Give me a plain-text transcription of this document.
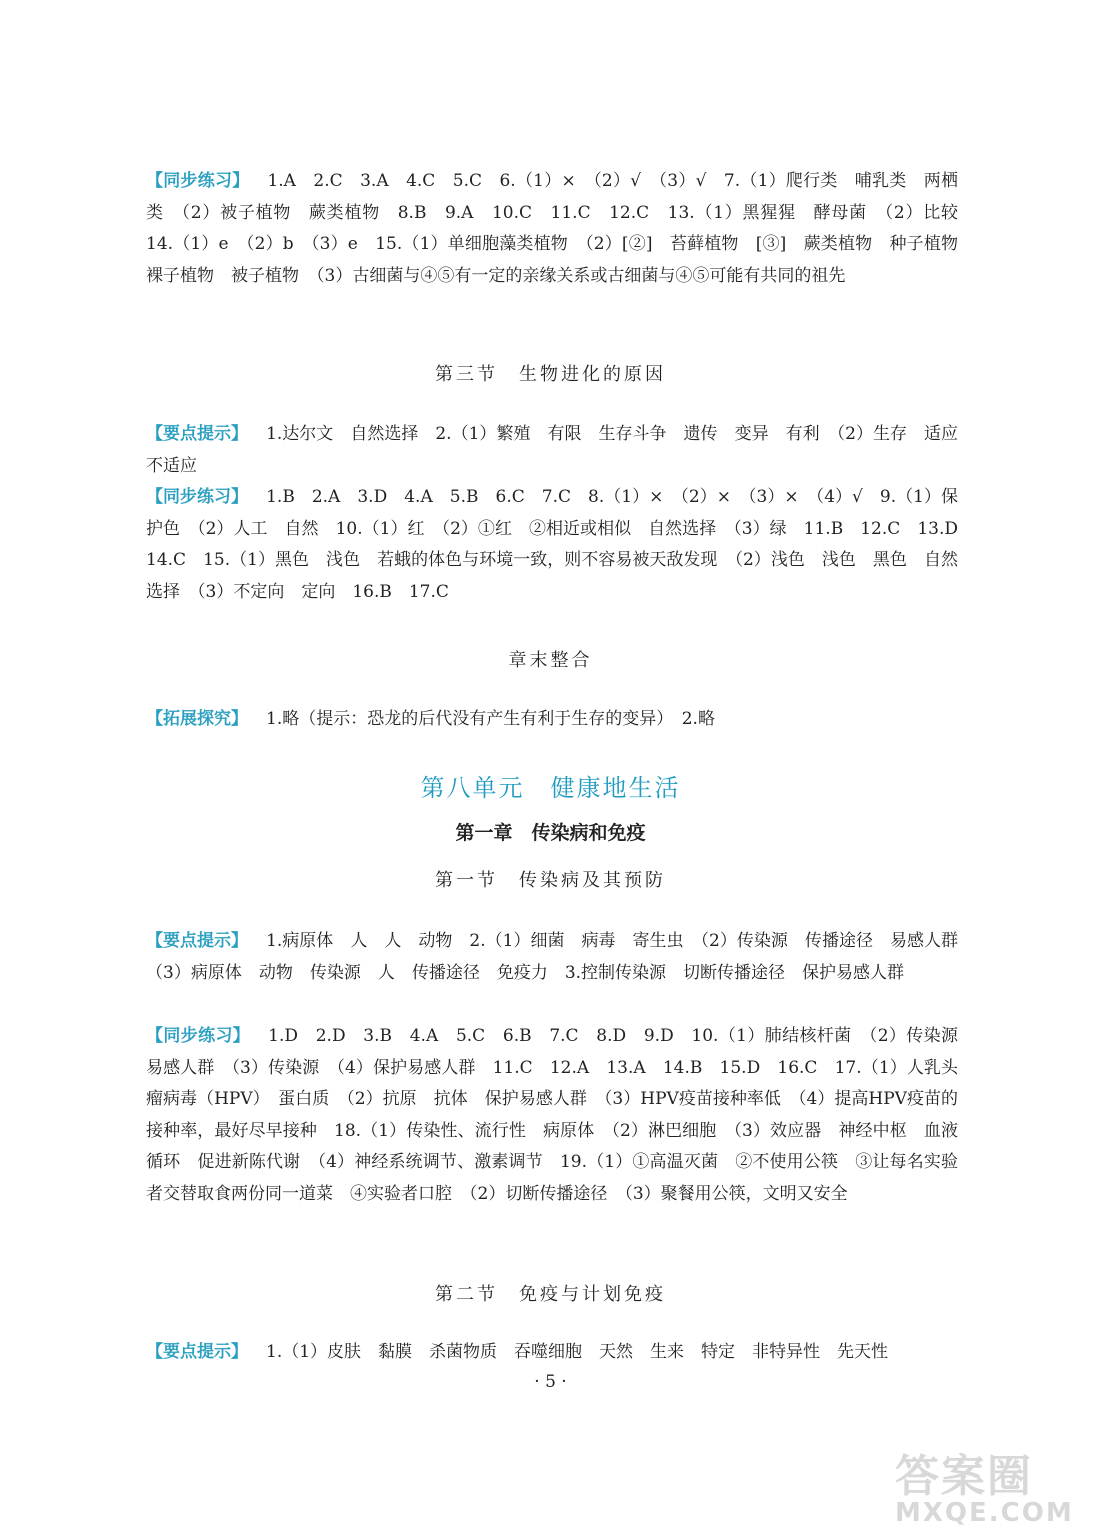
【同步练习】 1.A　2.C　3.A　4.C　5.C　6.（1）×　（2）√　（3）√　7.（1）爬行类　哺乳类　两栖类　（2）被子植物　蕨类植物　8.B　9.A　10.C　11.C　12.C　13.（1）黑猩猩　酵母菌　（2）比较　14.（1）e　（2）b　（3）e　15.（1）单细胞藻类植物　（2）[②]　苔藓植物　[③]　蕨类植物　种子植物　裸子植物　被子植物　（3）古细菌与④⑤有一定的亲缘关系或古细菌与④⑤可能有共同的祖先
第三节　生物进化的原因
【要点提示】 1.达尔文　自然选择　2.（1）繁殖　有限　生存斗争　遗传　变异　有利　（2）生存　适应　不适应
【同步练习】 1.B　2.A　3.D　4.A　5.B　6.C　7.C　8.（1）×　（2）×　（3）×　（4）√　9.（1）保护色　（2）人工　自然　10.（1）红　（2）①红　②相近或相似　自然选择　（3）绿　11.B　12.C　13.D　14.C　15.（1）黑色　浅色　若蛾的体色与环境一致，则不容易被天敌发现　（2）浅色　浅色　黑色　自然选择　（3）不定向　定向　16.B　17.C
章末整合
【拓展探究】 1.略（提示：恐龙的后代没有产生有利于生存的变异）　2.略
第八单元　健康地生活
第一章　传染病和免疫
第一节　传染病及其预防
【要点提示】 1.病原体　人　人　动物　2.（1）细菌　病毒　寄生虫　（2）传染源　传播途径　易感人群　（3）病原体　动物　传染源　人　传播途径　免疫力　3.控制传染源　切断传播途径　保护易感人群
【同步练习】 1.D　2.D　3.B　4.A　5.C　6.B　7.C　8.D　9.D　10.（1）肺结核杆菌　（2）传染源　易感人群　（3）传染源　（4）保护易感人群　11.C　12.A　13.A　14.B　15.D　16.C　17.（1）人乳头瘤病毒（HPV）　蛋白质　（2）抗原　抗体　保护易感人群　（3）HPV疫苗接种率低　（4）提高HPV疫苗的接种率，最好尽早接种　18.（1）传染性、流行性　病原体　（2）淋巴细胞　（3）效应器　神经中枢　血液循环　促进新陈代谢　（4）神经系统调节、激素调节　19.（1）①高温灭菌　②不使用公筷　③让每名实验者交替取食两份同一道菜　④实验者口腔　（2）切断传播途径　（3）聚餐用公筷，文明又安全
第二节　免疫与计划免疫
【要点提示】 1.（1）皮肤　黏膜　杀菌物质　吞噬细胞　天然　生来　特定　非特异性　先天性
· 5 ·
答案圈
MXQE.COM
